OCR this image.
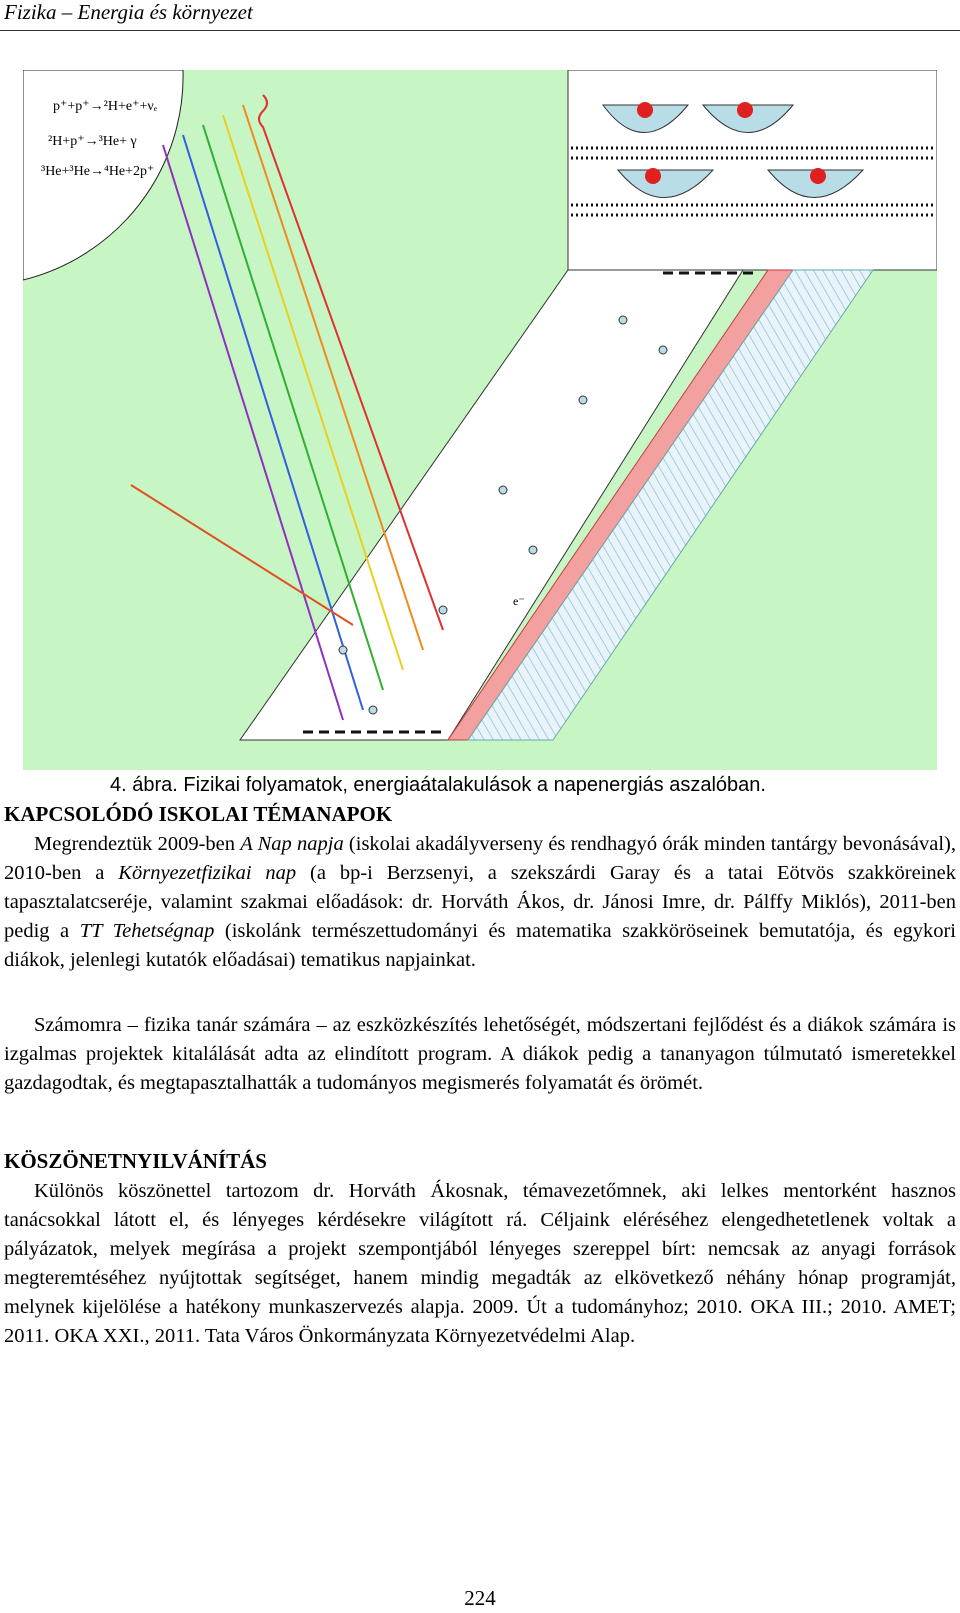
Fizika – Energia és környezet
p⁺+p⁺→²H+e⁺+νₑ
²H+p⁺→³He+ γ
³He+³He→⁴He+2p⁺
e⁻
4. ábra. Fizikai folyamatok, energiaátalakulások a napenergiás aszalóban.
KAPCSOLÓDÓ ISKOLAI TÉMANAPOK

Megrendeztük 2009-ben A Nap napja (iskolai akadályverseny és rendhagyó órák minden tantárgy bevonásával), 2010-ben a Környezetfizikai nap (a bp-i Berzsenyi, a szekszárdi Garay és a tatai Eötvös szakköreinek tapasztalatcseréje, valamint szakmai előadások: dr. Horváth Ákos, dr. Jánosi Imre, dr. Pálffy Miklós), 2011-ben pedig a TT Tehetségnap (iskolánk természettudományi és matematika szakköröseinek bemutatója, és egykori diákok, jelenlegi kutatók előadásai) tematikus napjainkat.

Számomra – fizika tanár számára – az eszközkészítés lehetőségét, módszertani fejlődést és a diákok számára is izgalmas projektek kitalálását adta az elindított program. A diákok pedig a tananyagon túlmutató ismeretekkel gazdagodtak, és megtapasztalhatták a tudományos megismerés folyamatát és örömét.

KÖSZÖNETNYILVÁNÍTÁS

Különös köszönettel tartozom dr. Horváth Ákosnak, témavezetőmnek, aki lelkes mentorként hasznos tanácsokkal látott el, és lényeges kérdésekre világított rá. Céljaink eléréséhez elengedhetetlenek voltak a pályázatok, melyek megírása a projekt szempontjából lényeges szereppel bírt: nemcsak az anyagi források megteremtéséhez nyújtottak segítséget, hanem mindig megadták az elkövetkező néhány hónap programját, melynek kijelölése a hatékony munkaszervezés alapja. 2009. Út a tudományhoz; 2010. OKA III.; 2010. AMET; 2011. OKA XXI., 2011. Tata Város Önkormányzata Környezetvédelmi Alap.

224
